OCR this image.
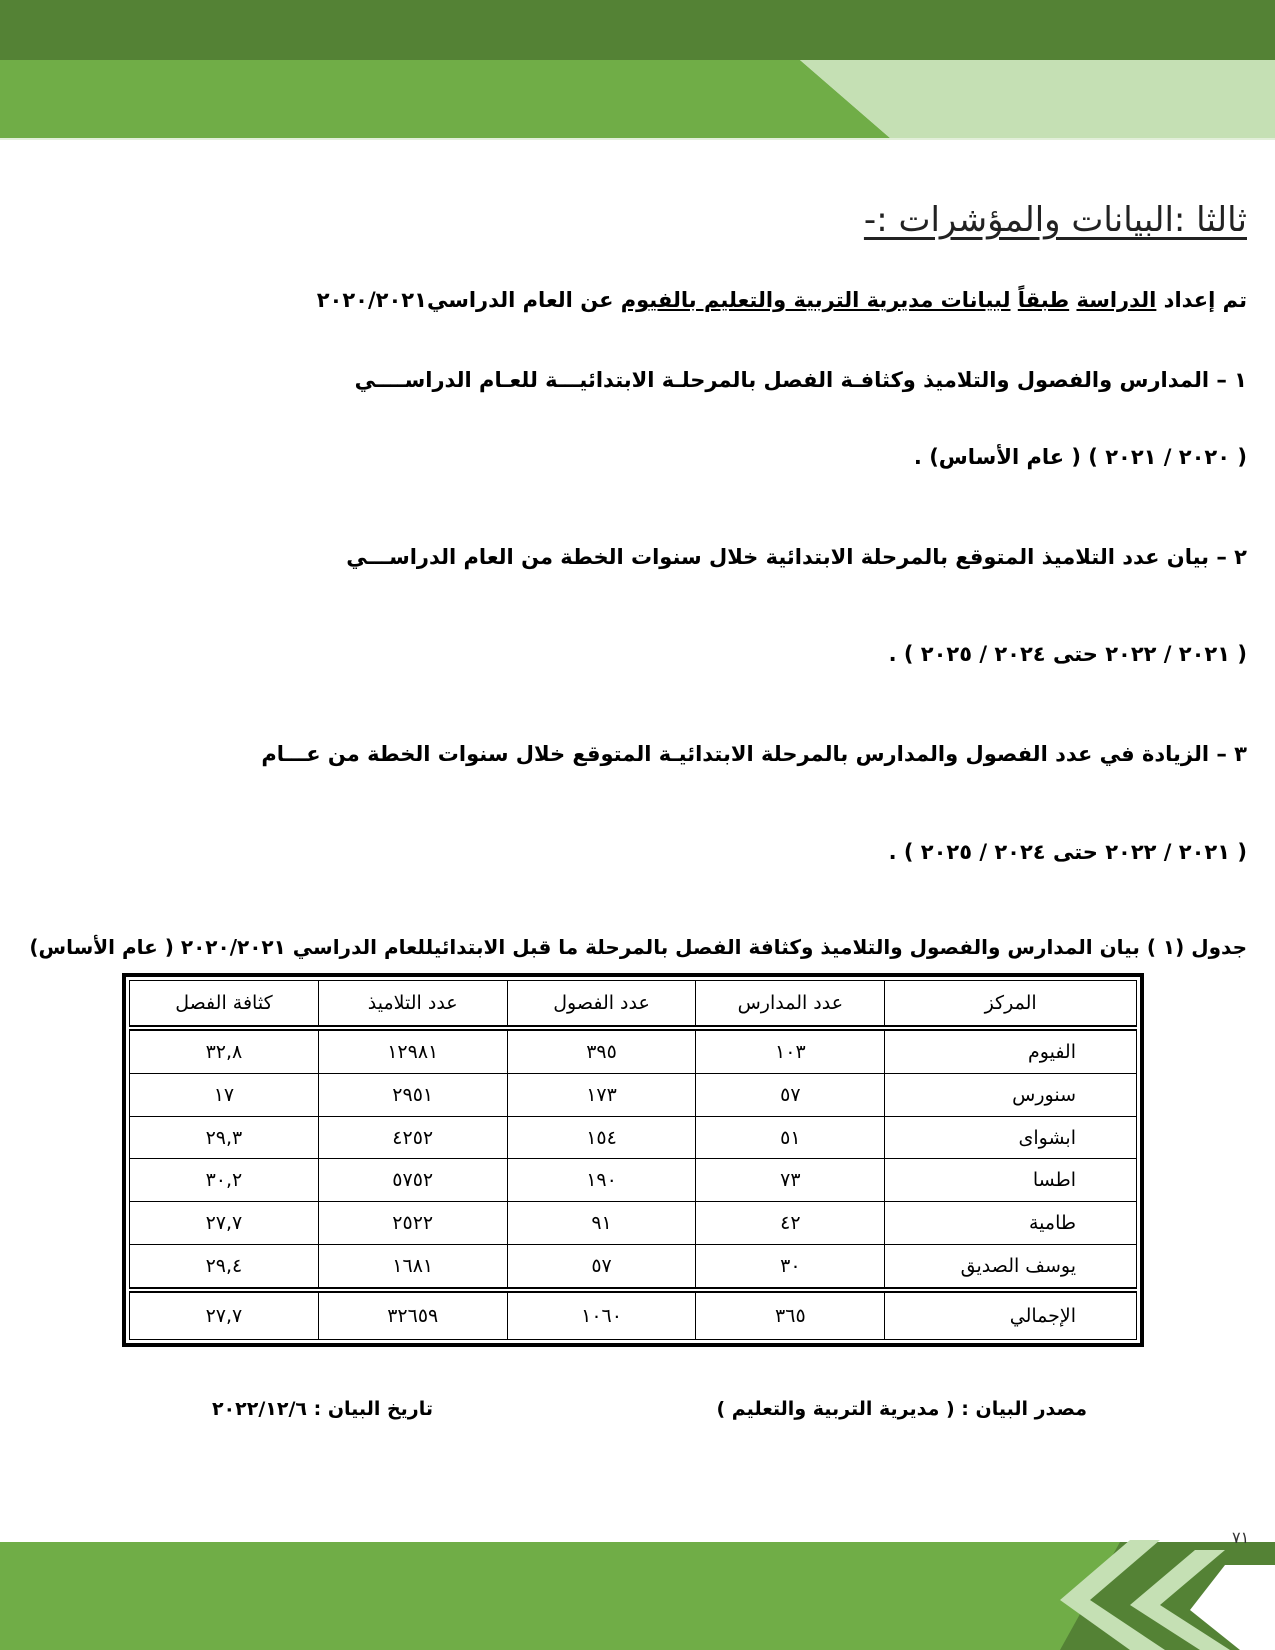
ثالثا :البيانات والمؤشرات :-
تم إعداد الدراسة طبقاً لبيانات مديرية التربية والتعليم بالفيوم عن العام الدراسي٢٠٢٠/٢٠٢١
١ – المدارس والفصول والتلاميذ وكثافـة الفصل بالمرحلـة الابتدائيـــة للعـام الدراســــي
( ٢٠٢٠ / ٢٠٢١ ) ( عام الأساس) .
٢ – بيان عدد التلاميذ المتوقع بالمرحلة الابتدائية خلال سنوات الخطة من العام الدراســـي
( ٢٠٢١ / ٢٠٢٢ حتى ٢٠٢٤ / ٢٠٢٥ ) .
٣ – الزيادة في عدد الفصول والمدارس بالمرحلة الابتدائيـة المتوقع خلال سنوات الخطة من عـــام
( ٢٠٢١ / ٢٠٢٢ حتى ٢٠٢٤ / ٢٠٢٥ ) .
جدول (١ ) بيان المدارس والفصول والتلاميذ وكثافة الفصل بالمرحلة ما قبل الابتدائيللعام الدراسي ٢٠٢٠/٢٠٢١ ( عام الأساس)
المركز	عدد المدارس	عدد الفصول	عدد التلاميذ	كثافة الفصل
الفيوم	١٠٣	٣٩٥	١٢٩٨١	٣٢,٨
سنورس	٥٧	١٧٣	٢٩٥١	١٧
ابشواى	٥١	١٥٤	٤٢٥٢	٢٩,٣
اطسا	٧٣	١٩٠	٥٧٥٢	٣٠,٢
طامية	٤٢	٩١	٢٥٢٢	٢٧,٧
يوسف الصديق	٣٠	٥٧	١٦٨١	٢٩,٤
الإجمالي	٣٦٥	١٠٦٠	٣٢٦٥٩	٢٧,٧
مصدر البيان : ( مديرية التربية والتعليم )
تاريخ البيان : ٢٠٢٢/١٢/٦
٧١
